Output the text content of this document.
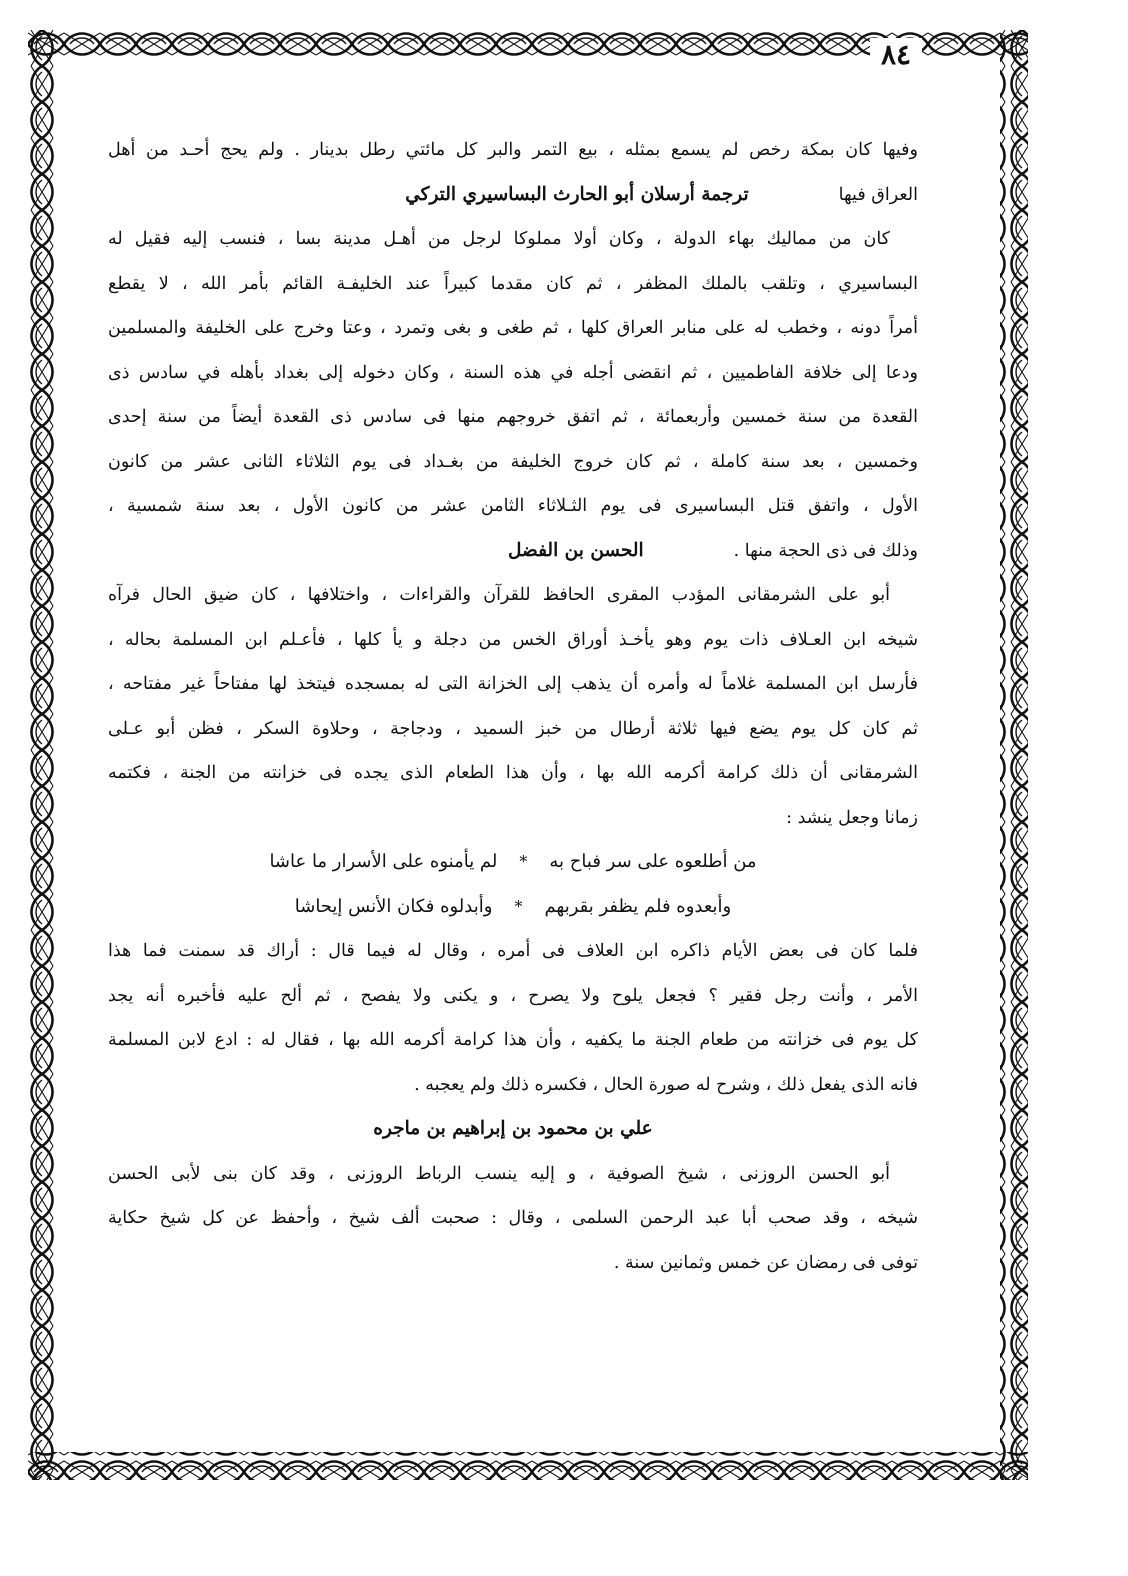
٨٤
وفيها كان بمكة رخص لم يسمع بمثله ، بيع التمر والبر كل مائتي رطل بدينار . ولم يحج أحـد من أهل
العراق فيها
ترجمة أرسلان أبو الحارث البساسيري التركي
كان من مماليك بهاء الدولة ، وكان أولا مملوكا لرجل من أهـل مدينة بسا ، فنسب إليه فقيل له
البساسيري ، وتلقب بالملك المظفر ، ثم كان مقدما كبيراً عند الخليفـة القائم بأمر الله ، لا يقطع
أمراً دونه ، وخطب له على منابر العراق كلها ، ثم طغى و بغى وتمرد ، وعتا وخرج على الخليفة والمسلمين
ودعا إلى خلافة الفاطميين ، ثم انقضى أجله في هذه السنة ، وكان دخوله إلى بغداد بأهله في سادس ذى
القعدة من سنة خمسين وأربعمائة ، ثم اتفق خروجهم منها فى سادس ذى القعدة أيضاً من سنة إحدى
وخمسين ، بعد سنة كاملة ، ثم كان خروج الخليفة من بغـداد فى يوم الثلاثاء الثانى عشر من كانون
الأول ، واتفق قتل البساسيرى فى يوم الثـلاثاء الثامن عشر من كانون الأول ، بعد سنة شمسية ،
وذلك فى ذى الحجة منها .
الحسن بن الفضل
أبو على الشرمقانى المؤدب المقرى الحافظ للقرآن والقراءات ، واختلافها ، كان ضيق الحال فرآه
شيخه ابن العـلاف ذات يوم وهو يأخـذ أوراق الخس من دجلة و يأ كلها ، فأعـلم ابن المسلمة بحاله ،
فأرسل ابن المسلمة غلاماً له وأمره أن يذهب إلى الخزانة التى له بمسجده فيتخذ لها مفتاحاً غير مفتاحه ،
ثم كان كل يوم يضع فيها ثلاثة أرطال من خبز السميد ، ودجاجة ، وحلاوة السكر ، فظن أبو عـلى
الشرمقانى أن ذلك كرامة أكرمه الله بها ، وأن هذا الطعام الذى يجده فى خزانته من الجنة ، فكتمه
زمانا وجعل ينشد :
من أطلعوه على سر فباح به
*
لم يأمنوه على الأسرار ما عاشا
وأبعدوه فلم يظفر بقربهم
*
وأبدلوه فكان الأنس إيحاشا
فلما كان فى بعض الأيام ذاكره ابن العلاف فى أمره ، وقال له فيما قال : أراك قد سمنت فما هذا
الأمر ، وأنت رجل فقير ؟ فجعل يلوح ولا يصرح ، و يكنى ولا يفصح ، ثم ألح عليه فأخبره أنه يجد
كل يوم فى خزانته من طعام الجنة ما يكفيه ، وأن هذا كرامة أكرمه الله بها ، فقال له : ادع لابن المسلمة
فانه الذى يفعل ذلك ، وشرح له صورة الحال ، فكسره ذلك ولم يعجبه .
علي بن محمود بن إبراهيم بن ماجره
أبو الحسن الروزنى ، شيخ الصوفية ، و إليه ينسب الرباط الروزنى ، وقد كان بنى لأبى الحسن
شيخه ، وقد صحب أبا عبد الرحمن السلمى ، وقال : صحبت ألف شيخ ، وأحفظ عن كل شيخ حكاية
توفى فى رمضان عن خمس وثمانين سنة .
